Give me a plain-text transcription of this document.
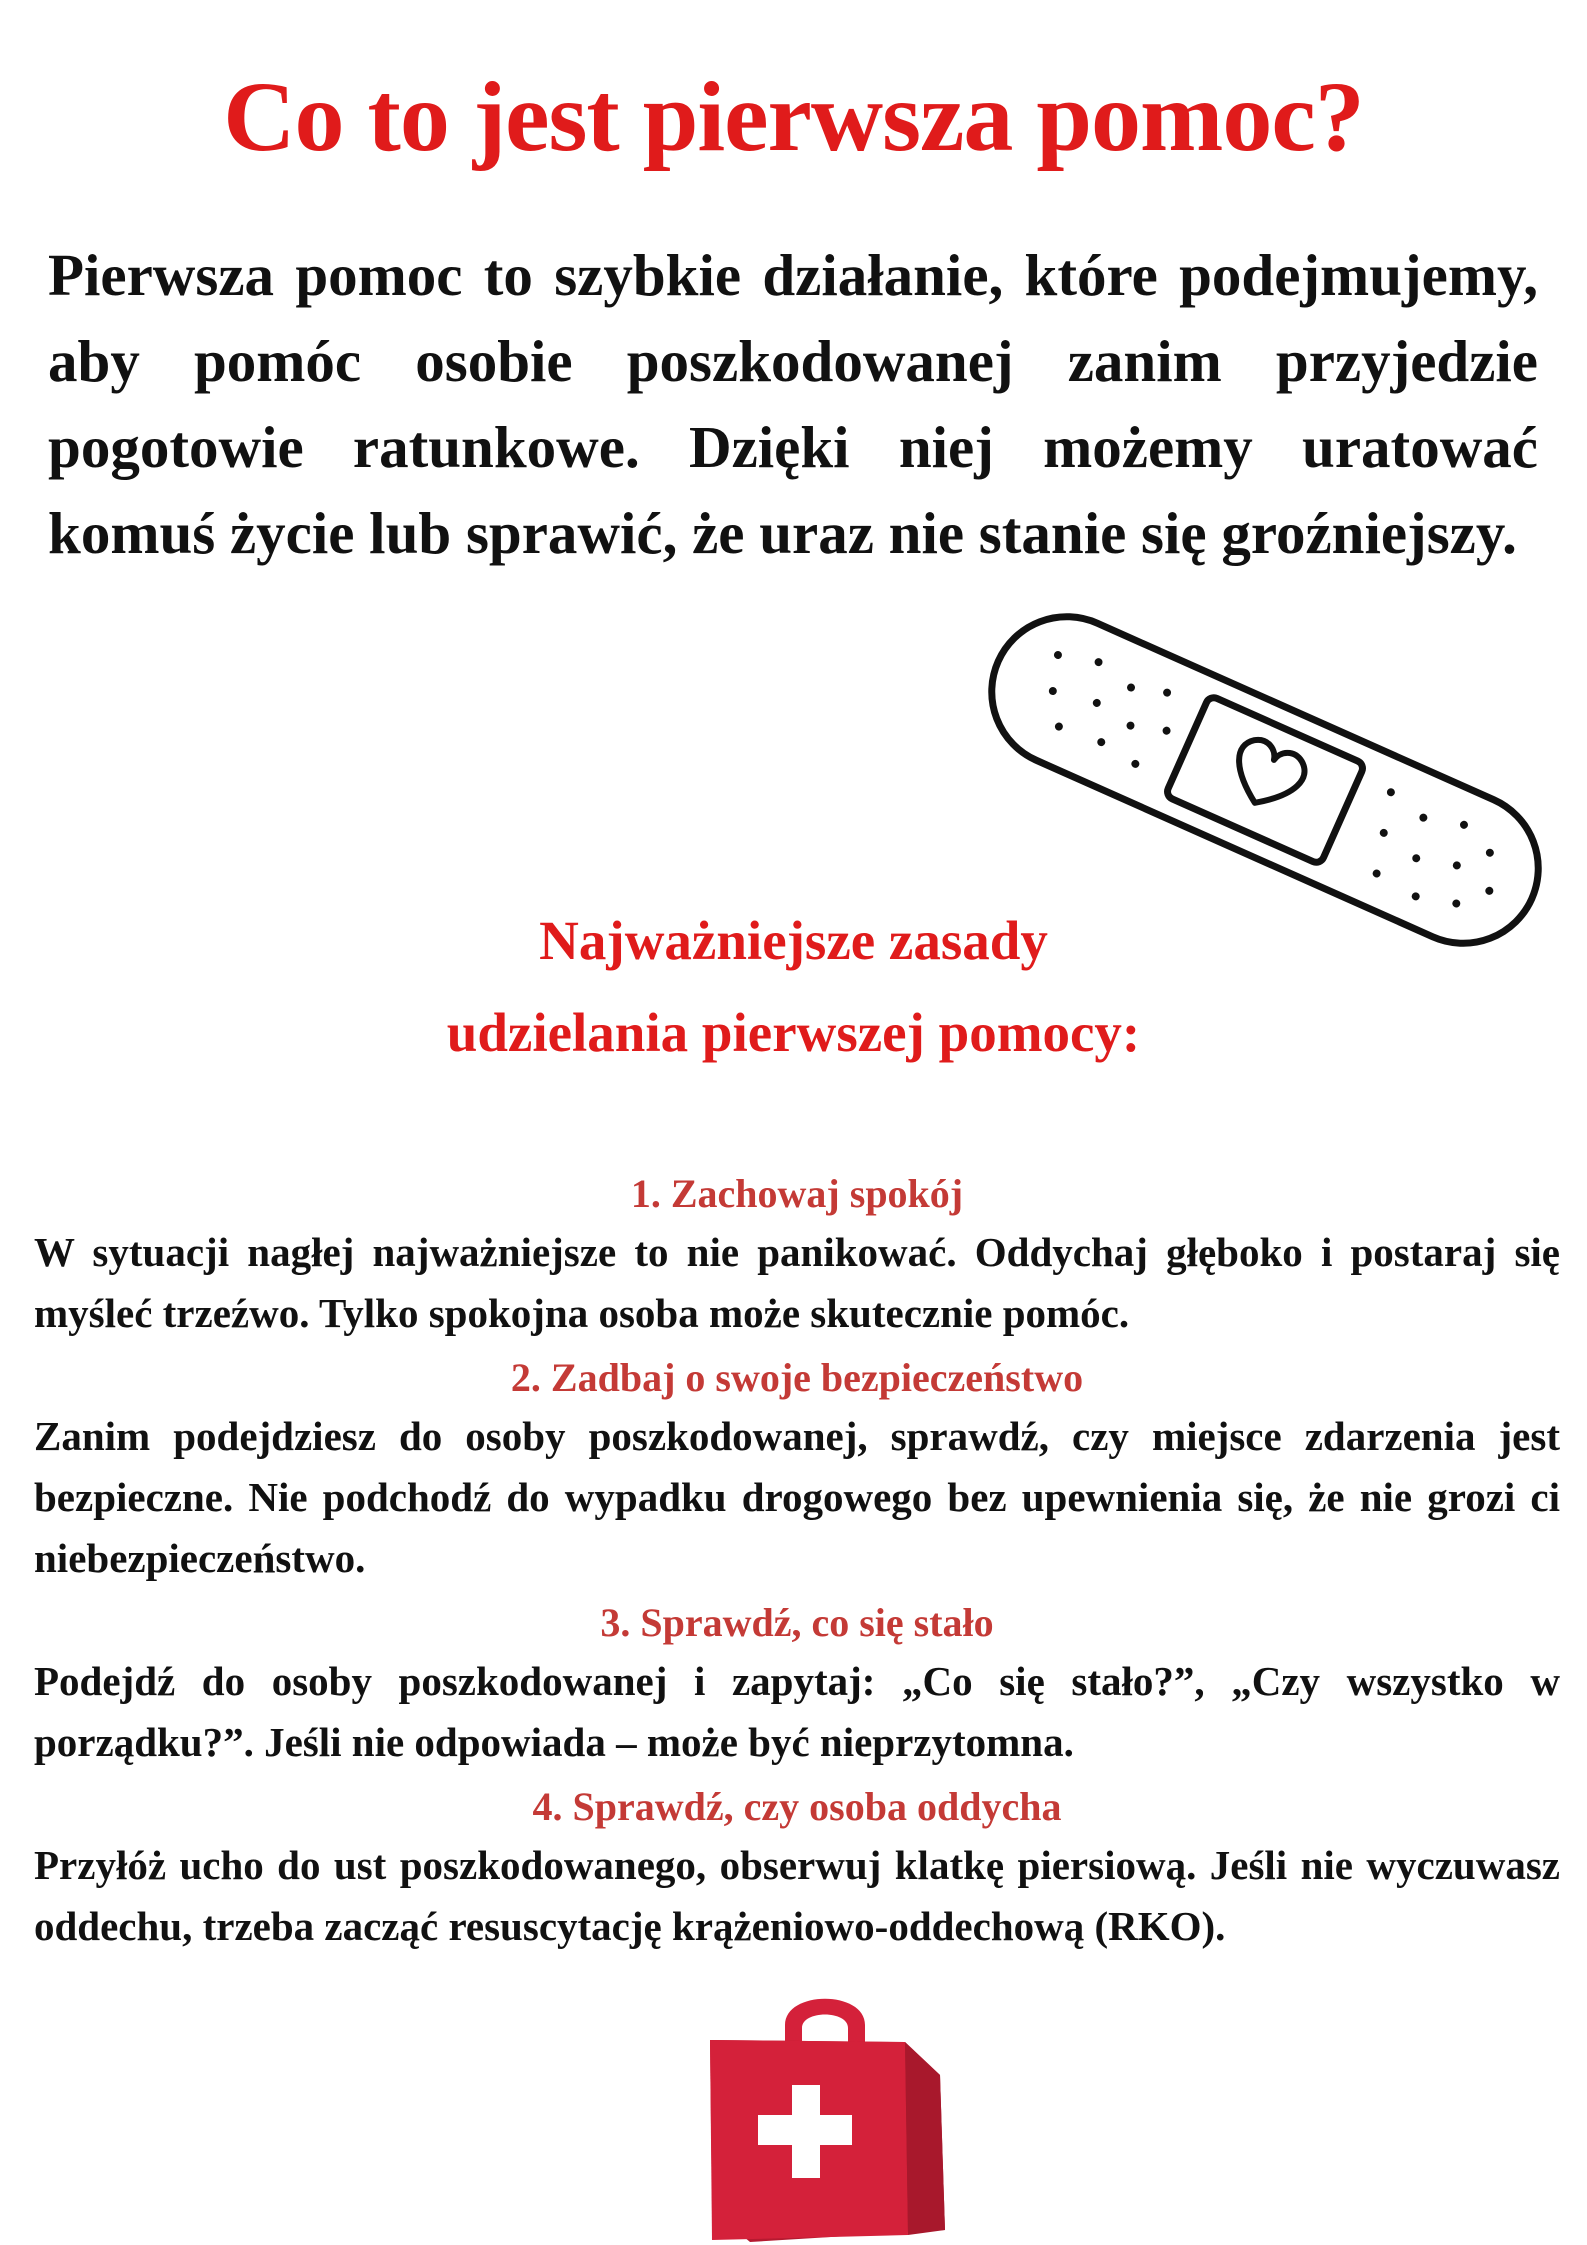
Co to jest pierwsza pomoc?
Pierwsza pomoc to szybkie działanie, które podejmujemy, aby pomóc osobie poszkodowanej zanim przyjedzie pogotowie ratunkowe. Dzięki niej możemy uratować komuś życie lub sprawić, że uraz nie stanie się groźniejszy.
Najważniejsze zasady
udzielania pierwszej pomocy:
1. Zachowaj spokój
W sytuacji nagłej najważniejsze to nie panikować. Oddychaj głęboko i postaraj się myśleć trzeźwo. Tylko spokojna osoba może skutecznie pomóc.
2. Zadbaj o swoje bezpieczeństwo
Zanim podejdziesz do osoby poszkodowanej, sprawdź, czy miejsce zdarzenia jest bezpieczne. Nie podchodź do wypadku drogowego bez upewnienia się, że nie grozi ci niebezpieczeństwo.
3. Sprawdź, co się stało
Podejdź do osoby poszkodowanej i zapytaj: „Co się stało?”, „Czy wszystko w porządku?”. Jeśli nie odpowiada – może być nieprzytomna.
4. Sprawdź, czy osoba oddycha
Przyłóż ucho do ust poszkodowanego, obserwuj klatkę piersiową. Jeśli nie wyczuwasz oddechu, trzeba zacząć resuscytację krążeniowo-oddechową (RKO).
